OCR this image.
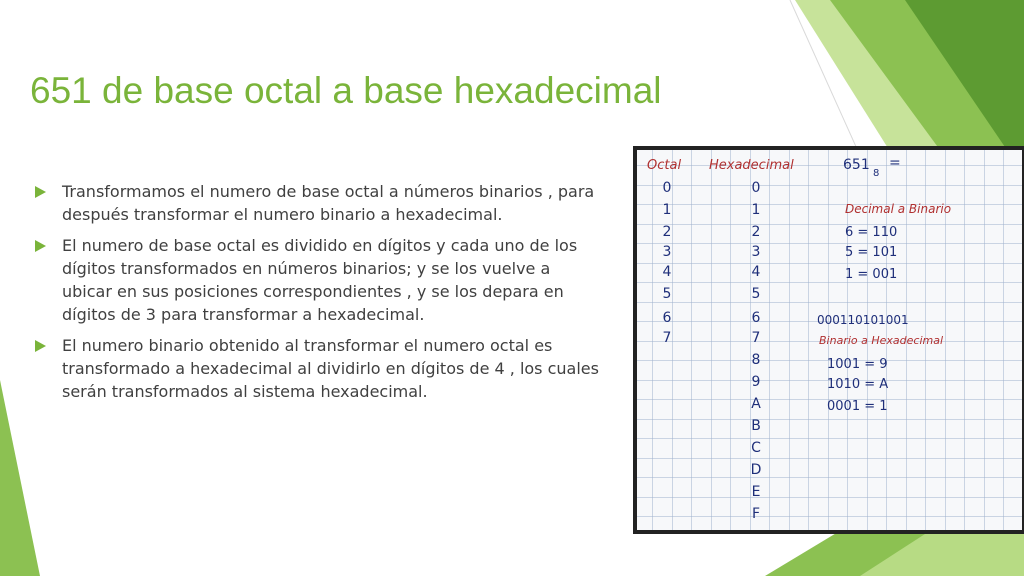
651 de base octal a base hexadecimal
Transformamos el numero de base octal a números binarios , para después transformar el numero binario a hexadecimal.
El numero de base octal es dividido en dígitos y cada uno de los dígitos transformados en números binarios; y se los vuelve a ubicar en sus posiciones correspondientes , y se los depara en dígitos de 3 para transformar a hexadecimal.
El numero binario obtenido al transformar el numero octal es transformado a hexadecimal al dividirlo en dígitos de 4 , los cuales serán transformados al sistema hexadecimal.
Octal Hexadecimal	651
8
=
0
1
2
3
4
5
6
7
0
1
2
3
4
5
6
7
8
9
A
B
C
D
E
F
Decimal a Binario
6 = 110
5 = 101
1 = 001
000110101001
Binario a Hexadecimal
1001 = 9
1010 = A
0001 = 1
